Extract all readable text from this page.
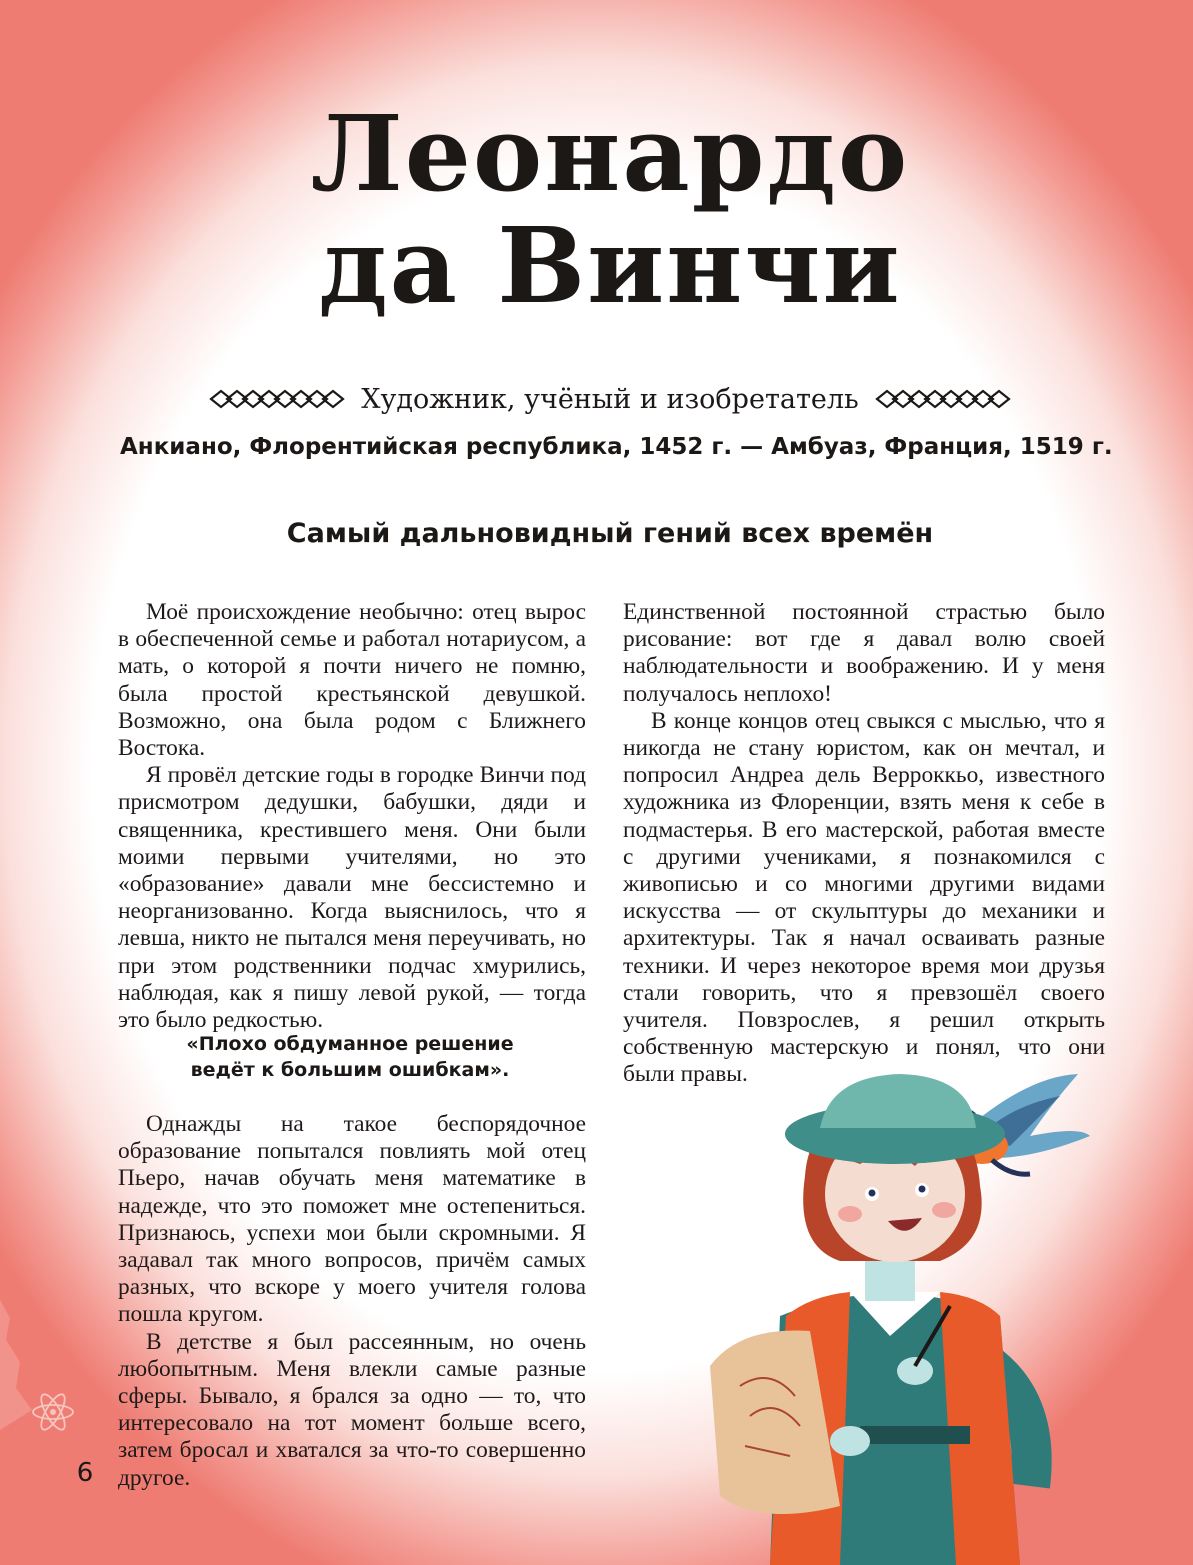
Леонардо
да Винчи
Художник, учёный и изобретатель
Анкиано, Флорентийская республика, 1452 г. — Амбуаз, Франция, 1519 г.
Самый дальновидный гений всех времён

Моё происхождение необычно: отец вырос в обеспеченной семье и работал нотариусом, а мать, о которой я почти ничего не помню, была простой крестьянской девушкой. Возможно, она была родом с Ближнего Востока.

Я провёл детские годы в городке Винчи под присмотром дедушки, бабушки, дяди и священника, крестившего меня. Они были моими первыми учителями, но это «образование» давали мне бессистемно и неорганизованно. Когда выяснилось, что я левша, никто не пытался меня переучивать, но при этом родственники подчас хмурились, наблюдая, как я пишу левой рукой, — тогда это было редкостью.

«Плохо обдуманное решение
ведёт к большим ошибкам».

Однажды на такое беспорядочное образование попытался повлиять мой отец Пьеро, начав обучать меня математике в надежде, что это поможет мне остепениться. Признаюсь, успехи мои были скромными. Я задавал так много вопросов, причём самых разных, что вскоре у моего учителя голова пошла кругом.

В детстве я был рассеянным, но очень любопытным. Меня влекли самые разные сферы. Бывало, я брался за одно — то, что интересовало на тот момент больше всего, затем бросал и хватался за что-то совершенно другое.

Единственной постоянной страстью было рисование: вот где я давал волю своей наблюдательности и воображению. И у меня получалось неплохо!

В конце концов отец свыкся с мыслью, что я никогда не стану юристом, как он мечтал, и попросил Андреа дель Верроккьо, известного художника из Флоренции, взять меня к себе в подмастерья. В его мастерской, работая вместе с другими учениками, я познакомился с живописью и со многими другими видами искусства — от скульптуры до механики и архитектуры. Так я начал осваивать разные техники. И через некоторое время мои друзья стали говорить, что я превзошёл своего учителя. Повзрослев, я решил открыть собственную мастерскую и понял, что они были правы.

6
